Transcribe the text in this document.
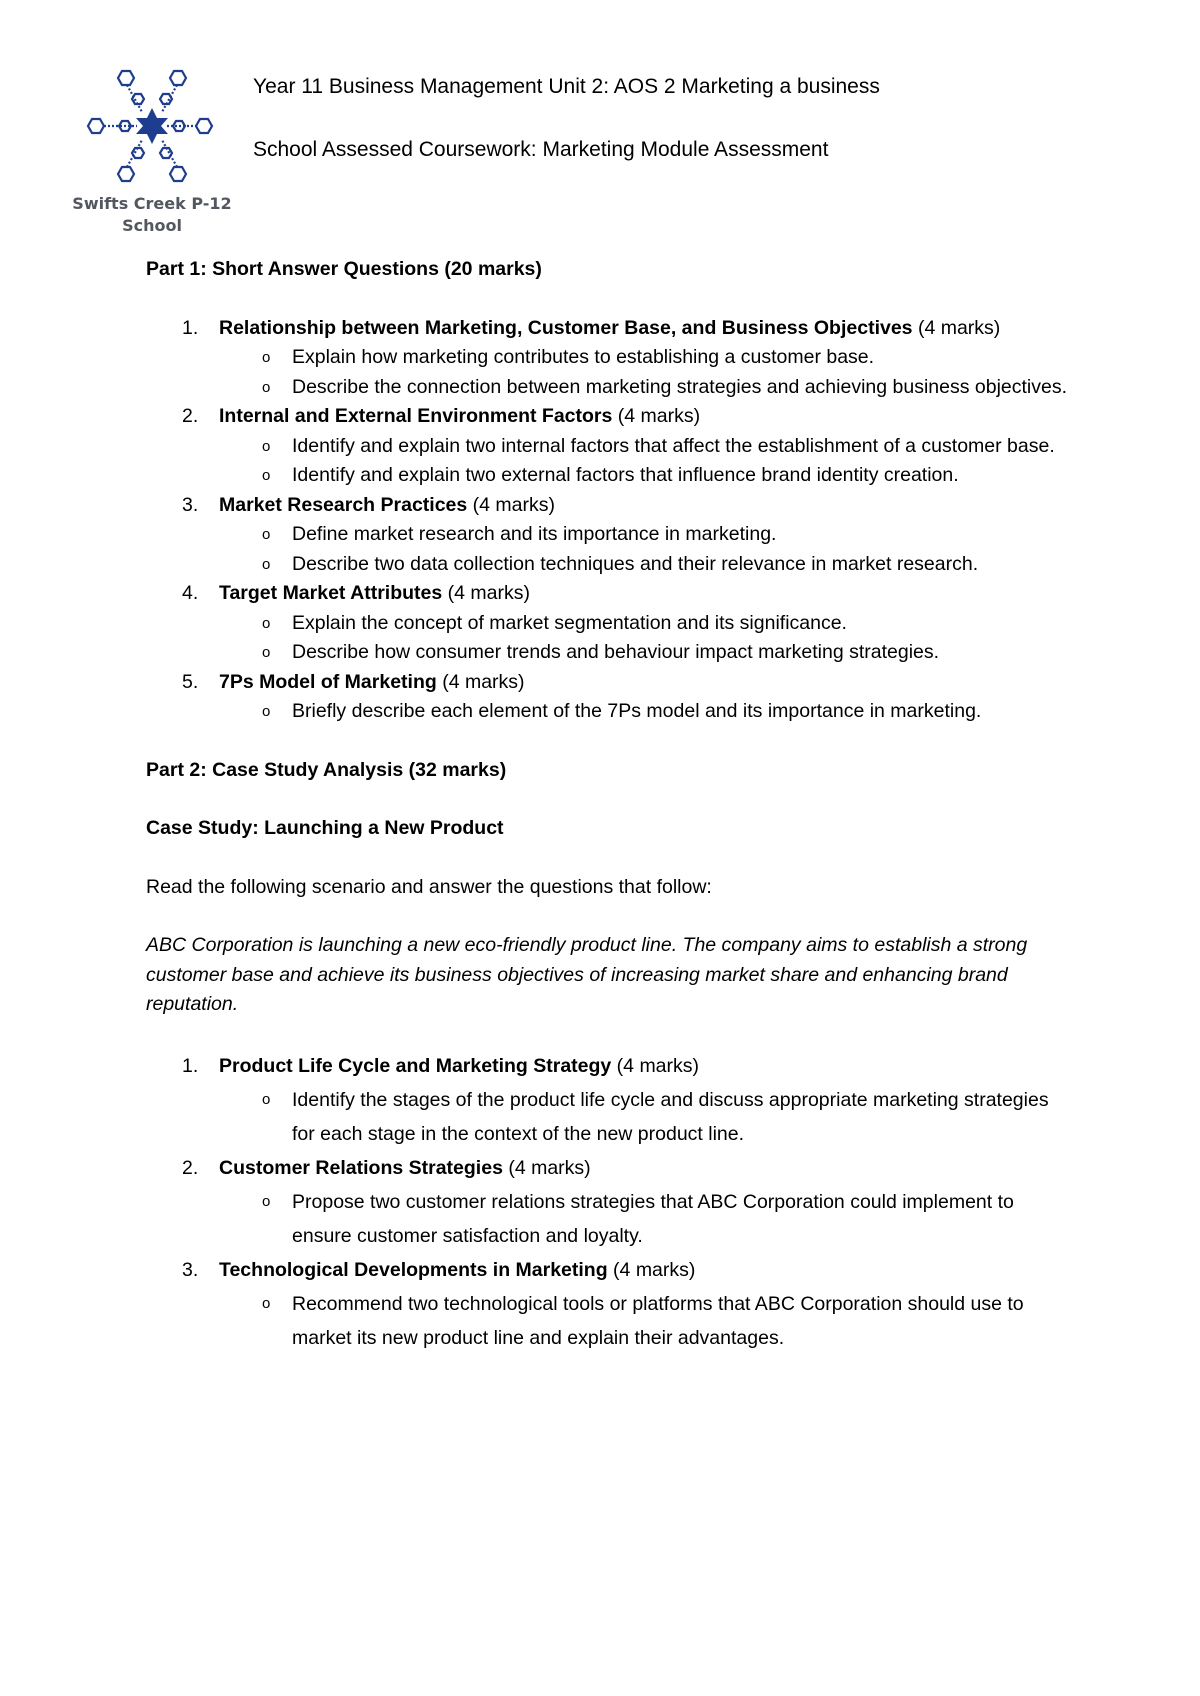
Swifts Creek P-12
School
Year 11 Business Management Unit 2: AOS 2 Marketing a business
School Assessed Coursework: Marketing Module Assessment

Part 1: Short Answer Questions (20 marks)

1. Relationship between Marketing, Customer Base, and Business Objectives (4 marks)
o Explain how marketing contributes to establishing a customer base.
o Describe the connection between marketing strategies and achieving business objectives.
2. Internal and External Environment Factors (4 marks)
o Identify and explain two internal factors that affect the establishment of a customer base.
o Identify and explain two external factors that influence brand identity creation.
3. Market Research Practices (4 marks)
o Define market research and its importance in marketing.
o Describe two data collection techniques and their relevance in market research.
4. Target Market Attributes (4 marks)
o Explain the concept of market segmentation and its significance.
o Describe how consumer trends and behaviour impact marketing strategies.
5. 7Ps Model of Marketing (4 marks)
o Briefly describe each element of the 7Ps model and its importance in marketing.

Part 2: Case Study Analysis (32 marks)

Case Study: Launching a New Product

Read the following scenario and answer the questions that follow:

ABC Corporation is launching a new eco-friendly product line. The company aims to establish a strong customer base and achieve its business objectives of increasing market share and enhancing brand reputation.

1. Product Life Cycle and Marketing Strategy (4 marks)
o Identify the stages of the product life cycle and discuss appropriate marketing strategies for each stage in the context of the new product line.
2. Customer Relations Strategies (4 marks)
o Propose two customer relations strategies that ABC Corporation could implement to ensure customer satisfaction and loyalty.
3. Technological Developments in Marketing (4 marks)
o Recommend two technological tools or platforms that ABC Corporation should use to market its new product line and explain their advantages.
